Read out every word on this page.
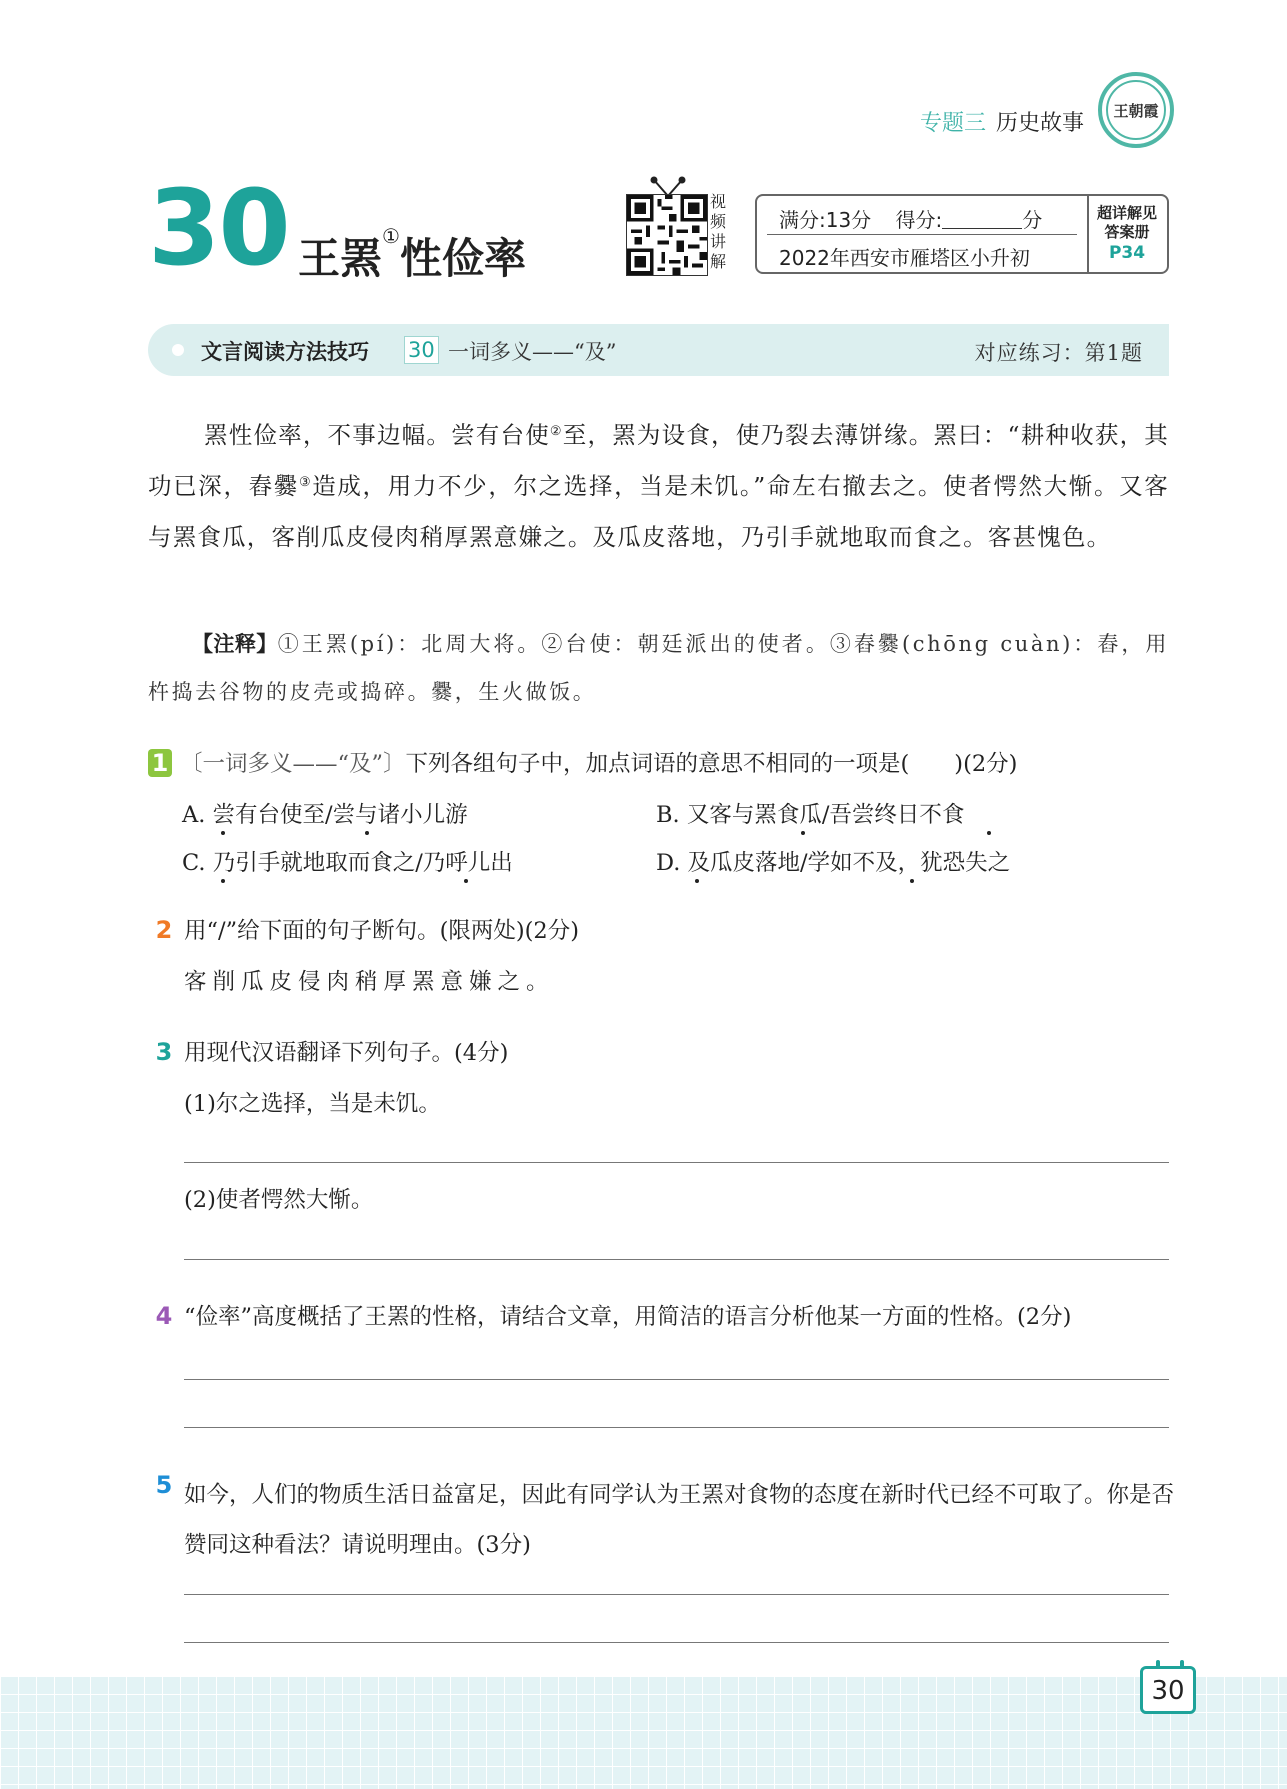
专题三 历史故事
王朝霞
30 王罴①性俭率
视频讲解
满分:13分 得分:	分
2022年西安市雁塔区小升初
超详解见
答案册
P34
文言阅读方法技巧 30 一词多义——“及”	对应练习：第1题
罴性俭率，不事边幅。尝有台使②至，罴为设食，使乃裂去薄饼缘。罴曰：“耕种收获，其功已深，舂爨③造成，用力不少，尔之选择，当是未饥。”命左右撤去之。使者愕然大惭。又客与罴食瓜，客削瓜皮侵肉稍厚罴意嫌之。及瓜皮落地，乃引手就地取而食之。客甚愧色。
【注释】①王罴(pí)：北周大将。②台使：朝廷派出的使者。③舂爨(chōng cuàn)：舂，用杵捣去谷物的皮壳或捣碎。爨，生火做饭。
1 〔一词多义——“及”〕下列各组句子中，加点词语的意思不相同的一项是(　　)(2分)
A. 尝有台使至/尝与诸小儿游	B. 又客与罴食瓜/吾尝终日不食
C. 乃引手就地取而食之/乃呼儿出	D. 及瓜皮落地/学如不及，犹恐失之
2 用“/”给下面的句子断句。(限两处)(2分)
客削瓜皮侵肉稍厚罴意嫌之。
3 用现代汉语翻译下列句子。(4分)
(1)尔之选择，当是未饥。
(2)使者愕然大惭。
4 “俭率”高度概括了王罴的性格，请结合文章，用简洁的语言分析他某一方面的性格。(2分)
5 如今，人们的物质生活日益富足，因此有同学认为王罴对食物的态度在新时代已经不可取了。你是否赞同这种看法？请说明理由。(3分)
30
